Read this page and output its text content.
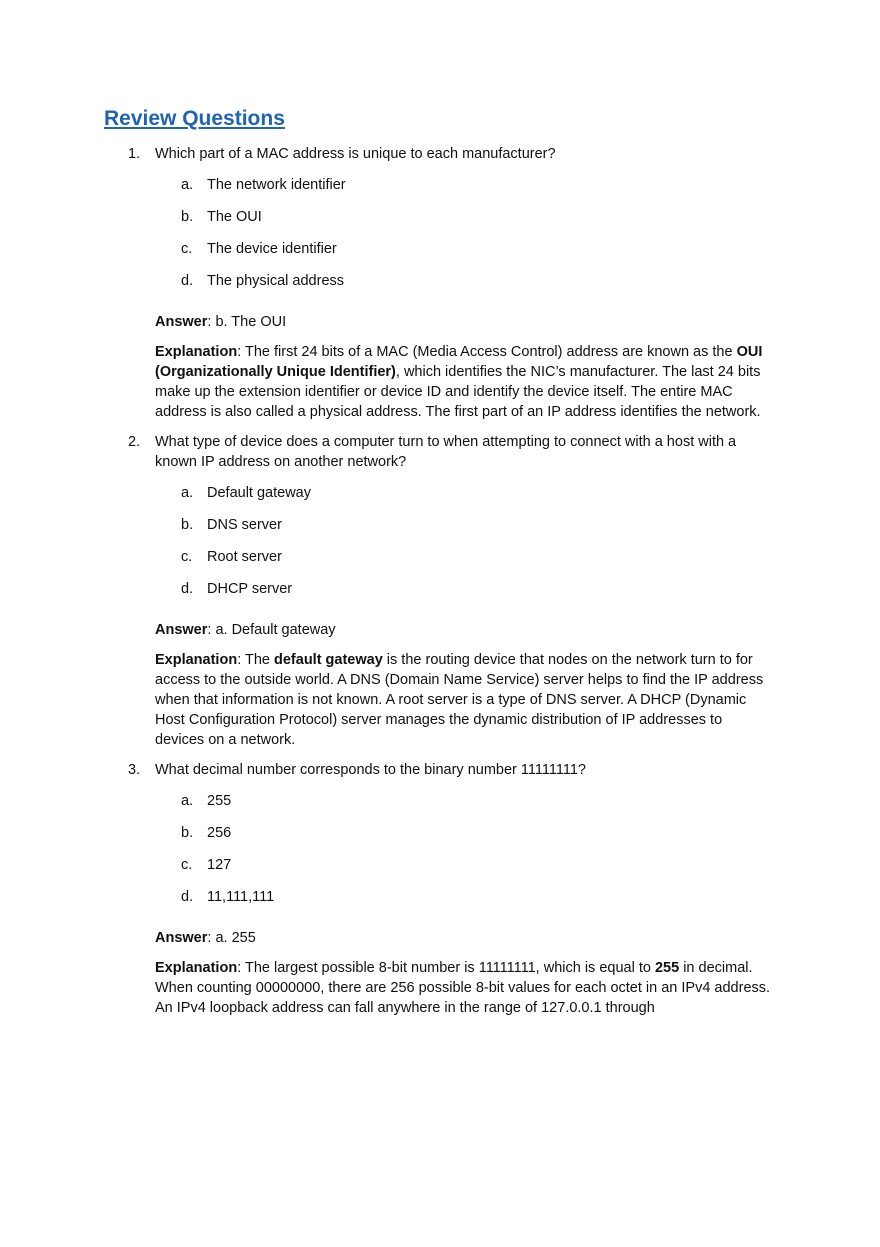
Review Questions
1.	Which part of a MAC address is unique to each manufacturer?
a. The network identifier
b. The OUI
c.	The device identifier
d. The physical address

Answer: b. The OUI

Explanation: The first 24 bits of a MAC (Media Access Control) address are known as the OUI (Organizationally Unique Identifier), which identifies the NIC’s manufacturer. The last 24 bits make up the extension identifier or device ID and identify the device itself. The entire MAC address is also called a physical address. The first part of an IP address identifies the network.

2.	What type of device does a computer turn to when attempting to connect with a host with a known IP address on another network?
a. Default gateway
b. DNS server
c.	Root server
d. DHCP server

Answer: a. Default gateway

Explanation: The default gateway is the routing device that nodes on the network turn to for access to the outside world. A DNS (Domain Name Service) server helps to find the IP address when that information is not known. A root server is a type of DNS server. A DHCP (Dynamic Host Configuration Protocol) server manages the dynamic distribution of IP addresses to devices on a network.

3.	What decimal number corresponds to the binary number 11111111?
a. 255
b. 256
c.	127
d. 11,111,111

Answer: a. 255

Explanation: The largest possible 8-bit number is 11111111, which is equal to 255 in decimal. When counting 00000000, there are 256 possible 8-bit values for each octet in an IPv4 address. An IPv4 loopback address can fall anywhere in the range of 127.0.0.1 through
